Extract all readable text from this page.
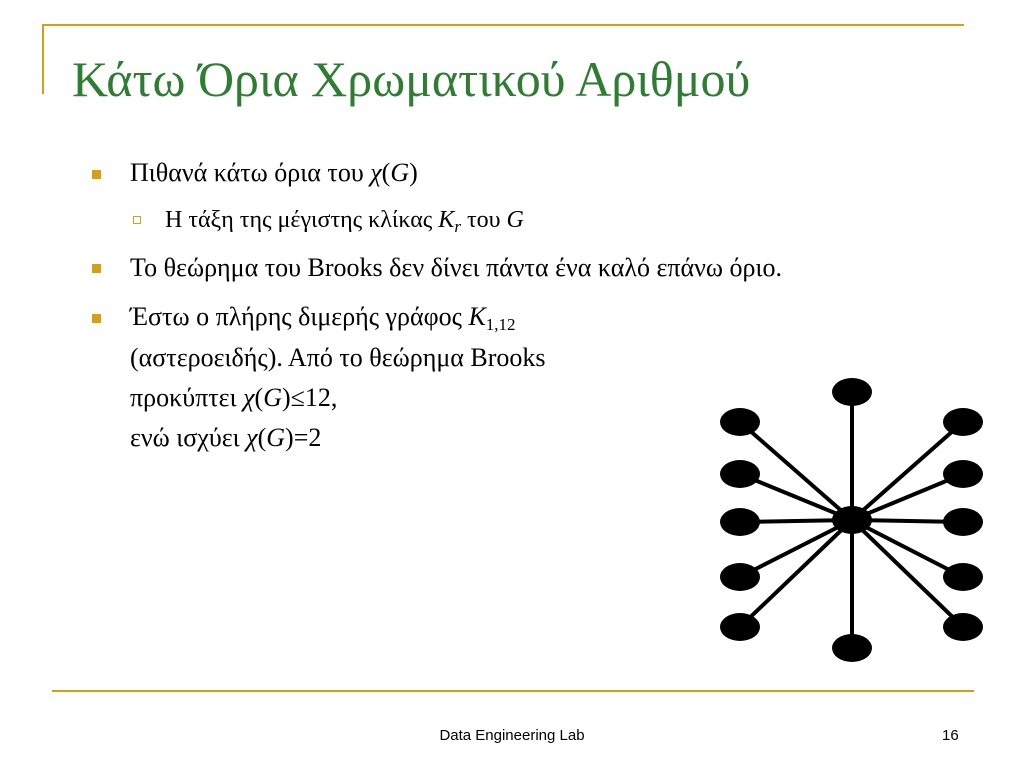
Κάτω Όρια Χρωματικού Αριθμού
Πιθανά κάτω όρια του χ(G)
Η τάξη της μέγιστης κλίκας $K_r$ του G
Το θεώρημα του Brooks δεν δίνει πάντα ένα καλό επάνω όριο.
Έστω ο πλήρης διμερής γράφος $K_{1,12}$
(αστεροειδής). Από το θεώρημα Brooks
προκύπτει χ(G)≤12,
ενώ ισχύει χ(G)=2
Data Engineering Lab	16
